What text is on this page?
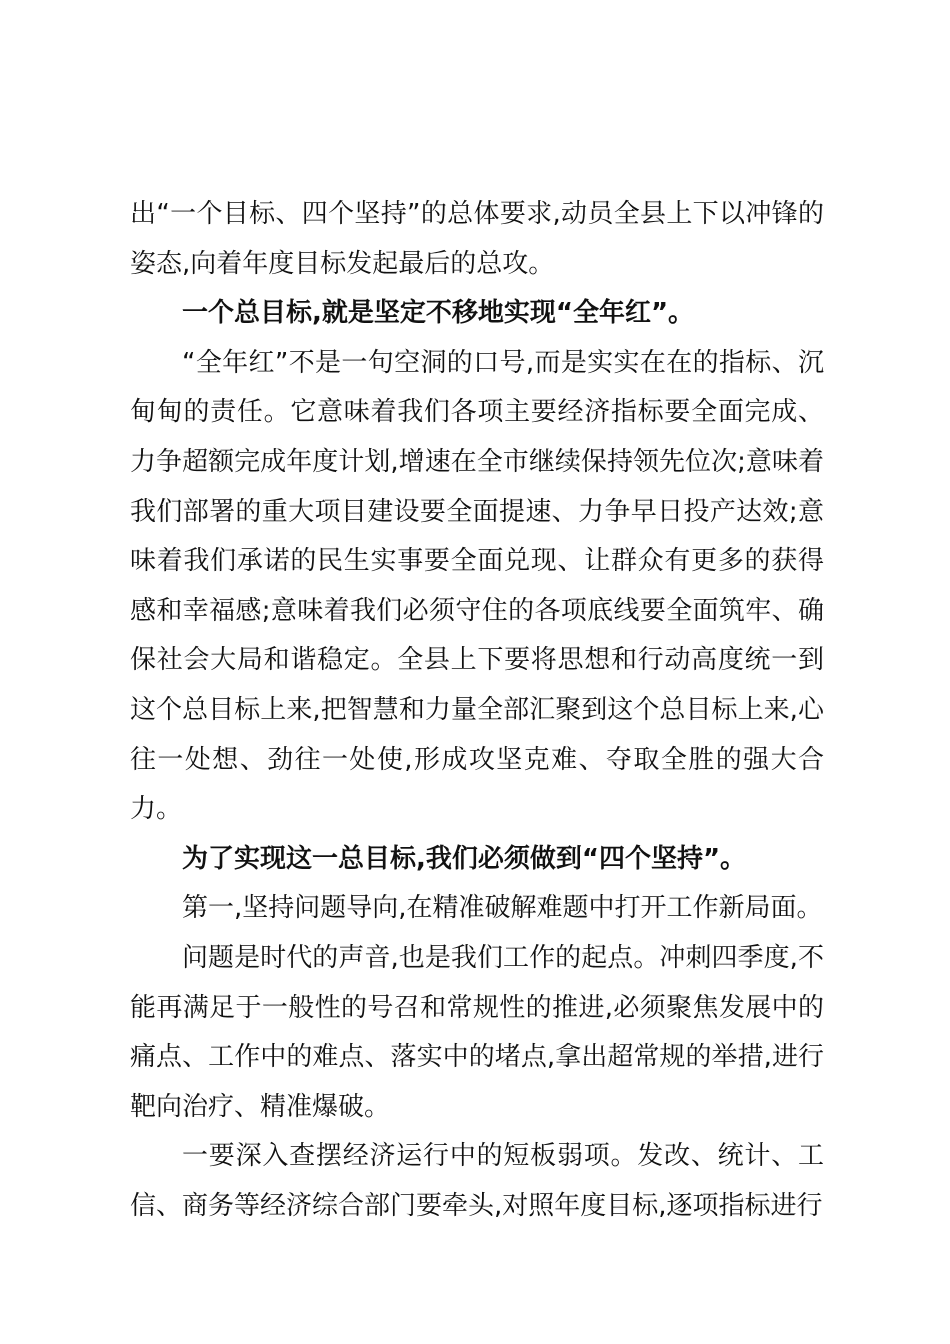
出“一个目标、四个坚持”的总体要求,动员全县上下以冲锋的姿态,向着年度目标发起最后的总攻。

一个总目标,就是坚定不移地实现“全年红”。

“全年红”不是一句空洞的口号,而是实实在在的指标、沉甸甸的责任。它意味着我们各项主要经济指标要全面完成、力争超额完成年度计划,增速在全市继续保持领先位次;意味着我们部署的重大项目建设要全面提速、力争早日投产达效;意味着我们承诺的民生实事要全面兑现、让群众有更多的获得感和幸福感;意味着我们必须守住的各项底线要全面筑牢、确保社会大局和谐稳定。全县上下要将思想和行动高度统一到这个总目标上来,把智慧和力量全部汇聚到这个总目标上来,心往一处想、劲往一处使,形成攻坚克难、夺取全胜的强大合力。

为了实现这一总目标,我们必须做到“四个坚持”。

第一,坚持问题导向,在精准破解难题中打开工作新局面。

问题是时代的声音,也是我们工作的起点。冲刺四季度,不能再满足于一般性的号召和常规性的推进,必须聚焦发展中的痛点、工作中的难点、落实中的堵点,拿出超常规的举措,进行靶向治疗、精准爆破。

一要深入查摆经济运行中的短板弱项。发改、统计、工信、商务等经济综合部门要牵头,对照年度目标,逐项指标进行
